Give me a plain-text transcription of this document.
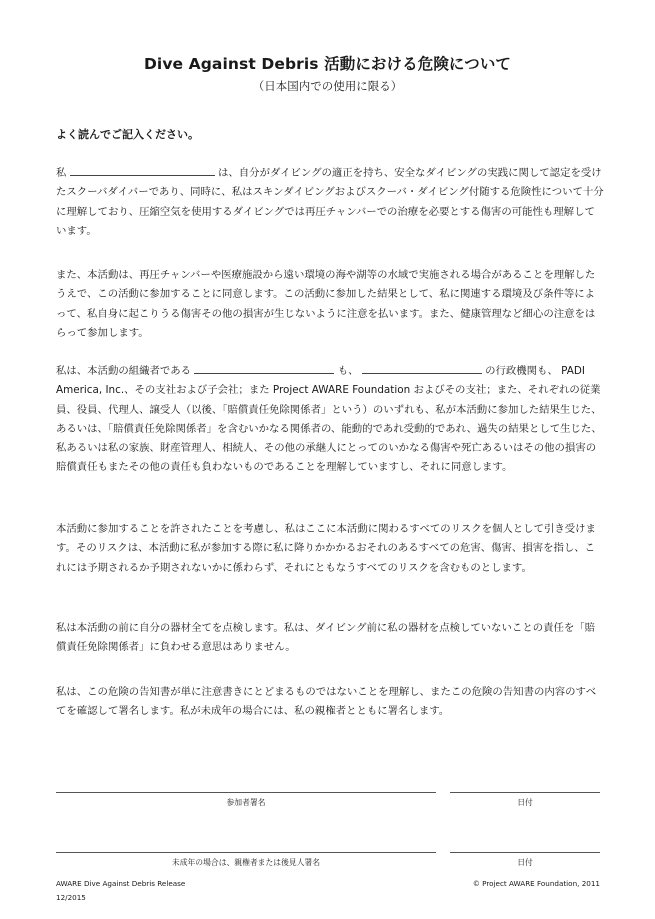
Dive Against Debris 活動における危険について
（日本国内での使用に限る）
よく読んでご記入ください。
私	は、自分がダイビングの適正を持ち、安全なダイビングの実践に関して認定を受けたスクーバダイバーであり、同時に、私はスキンダイビングおよびスクーバ・ダイビング付随する危険性について十分に理解しており、圧縮空気を使用するダイビングでは再圧チャンバーでの治療を必要とする傷害の可能性も理解しています。
また、本活動は、再圧チャンバーや医療施設から遠い環境の海や湖等の水域で実施される場合があることを理解したうえで、この活動に参加することに同意します。この活動に参加した結果として、私に関連する環境及び条件等によって、私自身に起こりうる傷害その他の損害が生じないように注意を払います。また、健康管理など細心の注意をはらって参加します。
私は、本活動の組織者である	も、	の行政機関も、 PADI America, Inc.、その支社および子会社；また Project AWARE Foundation およびその支社；また、それぞれの従業員、役員、代理人、譲受人（以後、「賠償責任免除関係者」という）のいずれも、私が本活動に参加した結果生じた、あるいは、「賠償責任免除関係者」を含むいかなる関係者の、能動的であれ受動的であれ、過失の結果として生じた、私あるいは私の家族、財産管理人、相続人、その他の承継人にとってのいかなる傷害や死亡あるいはその他の損害の賠償責任もまたその他の責任も負わないものであることを理解していますし、それに同意します。
本活動に参加することを許されたことを考慮し、私はここに本活動に関わるすべてのリスクを個人として引き受けます。そのリスクは、本活動に私が参加する際に私に降りかかかるおそれのあるすべての危害、傷害、損害を指し、これには予期されるか予期されないかに係わらず、それにともなうすべてのリスクを含むものとします。
私は本活動の前に自分の器材全てを点検します。私は、ダイビング前に私の器材を点検していないことの責任を「賠償責任免除関係者」に負わせる意思はありません。
私は、この危険の告知書が単に注意書きにとどまるものではないことを理解し、またこの危険の告知書の内容のすべてを確認して署名します。私が未成年の場合には、私の親権者とともに署名します。
参加者署名	日付
未成年の場合は、親権者または後見人署名	日付
AWARE Dive Against Debris Release
12/2015
© Project AWARE Foundation, 2011
